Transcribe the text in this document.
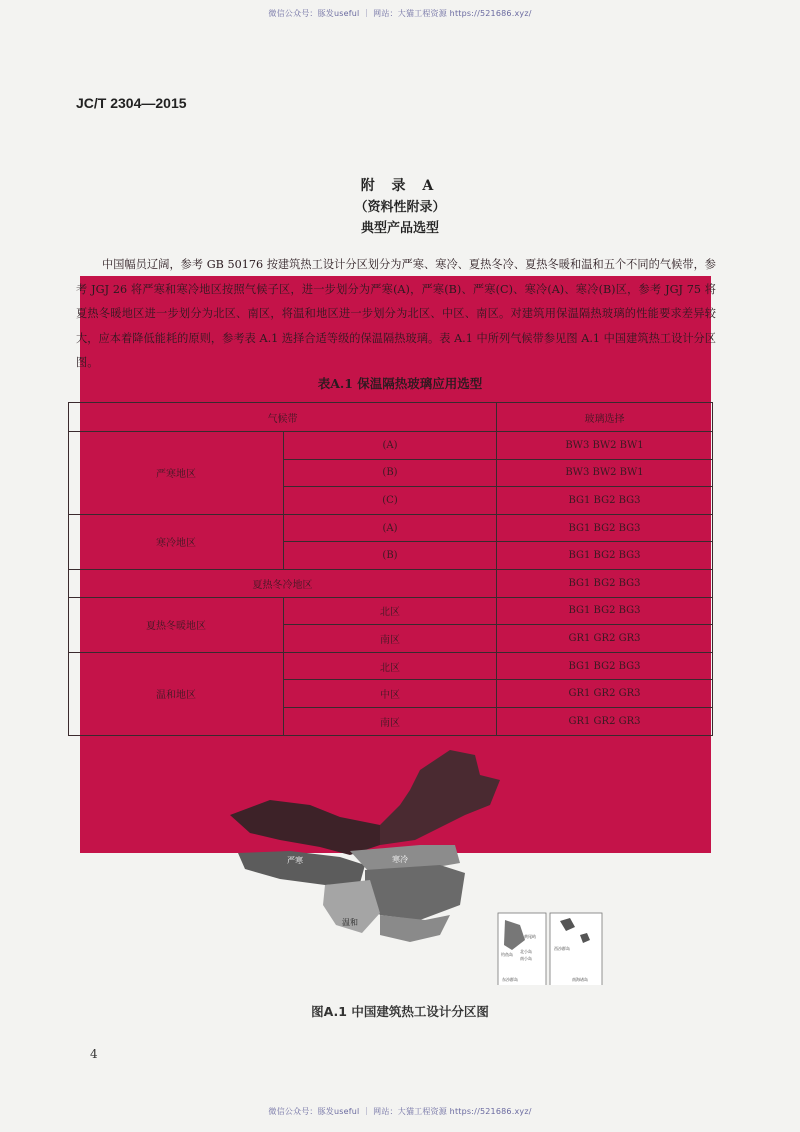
微信公众号：豚发useful ｜ 网站：大猫工程资源 https://521686.xyz/
JC/T 2304—2015
附 录 A
（资料性附录）
典型产品选型
中国幅员辽阔，参考 GB 50176 按建筑热工设计分区划分为严寒、寒冷、夏热冬冷、夏热冬暖和温和五个不同的气候带，参考 JGJ 26 将严寒和寒冷地区按照气候子区，进一步划分为严寒(A)，严寒(B)、严寒(C)、寒冷(A)、寒冷(B)区，参考 JGJ 75 将夏热冬暖地区进一步划分为北区、南区，将温和地区进一步划分为北区、中区、南区。对建筑用保温隔热玻璃的性能要求差异较大，应本着降低能耗的原则，参考表 A.1 选择合适等级的保温隔热玻璃。表 A.1 中所列气候带参见图 A.1 中国建筑热工设计分区图。
表A.1 保温隔热玻璃应用选型
气候带		玻璃选择
严寒地区	(A)	BW3 BW2 BW1
	(B)	BW3 BW2 BW1
	(C)	BG1 BG2 BG3
寒冷地区	(A)	BG1 BG2 BG3
	(B)	BG1 BG2 BG3
夏热冬冷地区		BG1 BG2 BG3
夏热冬暖地区	北区	BG1 BG2 BG3
	南区	GR1 GR2 GR3
温和地区	北区	BG1 BG2 BG3
	中区	GR1 GR2 GR3
	南区	GR1 GR2 GR3
严寒	寒冷
温和
黄尾屿
钓鱼岛
北小岛
南小岛
东沙群岛
西沙群岛
南海诸岛
图A.1 中国建筑热工设计分区图
4
微信公众号：豚发useful ｜ 网站：大猫工程资源 https://521686.xyz/
